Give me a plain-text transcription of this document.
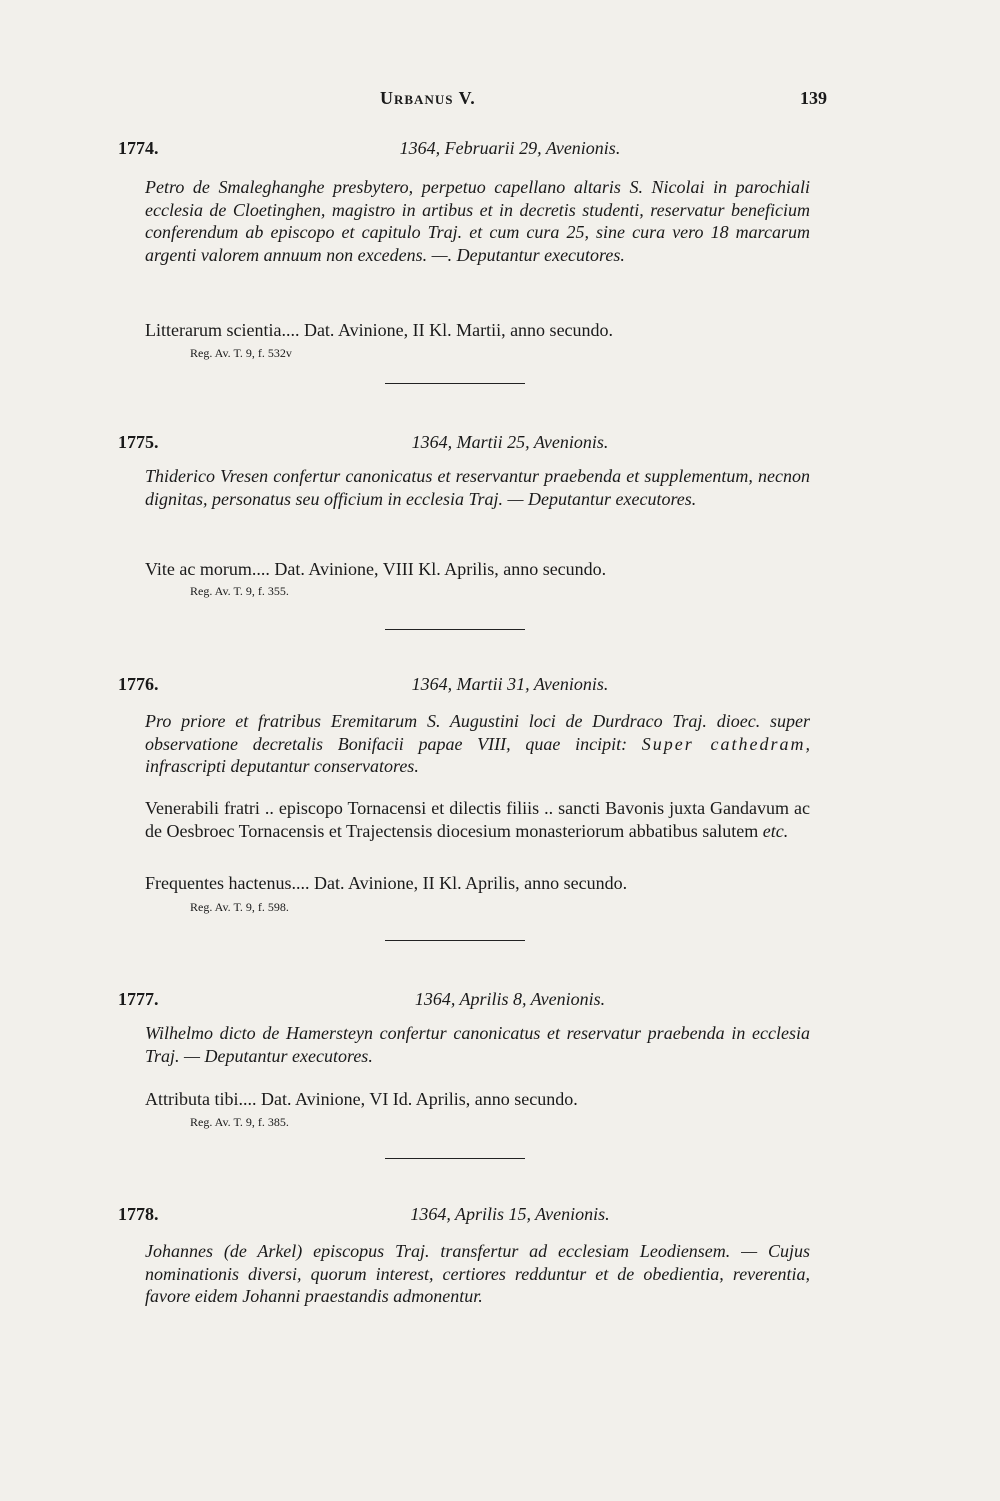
Urbanus V.	139
1774.	1364, Februarii 29, Avenionis.

Petro de Smaleghanghe presbytero, perpetuo capellano altaris S. Nicolai in parochiali ecclesia de Cloetinghen, magistro in artibus et in decretis studenti, reservatur beneficium conferendum ab episcopo et capitulo Traj. et cum cura 25, sine cura vero 18 marcarum argenti valorem annuum non excedens. —. Deputantur executores.

Litterarum scientia.... Dat. Avinione, II Kl. Martii, anno secundo.
Reg. Av. T. 9, f. 532v
1775.	1364, Martii 25, Avenionis.

Thiderico Vresen confertur canonicatus et reservantur praebenda et supplementum, necnon dignitas, personatus seu officium in ecclesia Traj. — Deputantur executores.

Vite ac morum.... Dat. Avinione, VIII Kl. Aprilis, anno secundo.
Reg. Av. T. 9, f. 355.
1776.	1364, Martii 31, Avenionis.

Pro priore et fratribus Eremitarum S. Augustini loci de Durdraco Traj. dioec. super observatione decretalis Bonifacii papae VIII, quae incipit: Super cathedram, infrascripti deputantur conservatores.

Venerabili fratri .. episcopo Tornacensi et dilectis filiis .. sancti Bavonis juxta Gandavum ac de Oesbroec Tornacensis et Trajectensis diocesium monasteriorum abbatibus salutem etc.
Frequentes hactenus.... Dat. Avinione, II Kl. Aprilis, anno secundo.
Reg. Av. T. 9, f. 598.
1777.	1364, Aprilis 8, Avenionis.

Wilhelmo dicto de Hamersteyn confertur canonicatus et reservatur praebenda in ecclesia Traj. — Deputantur executores.

Attributa tibi.... Dat. Avinione, VI Id. Aprilis, anno secundo.
Reg. Av. T. 9, f. 385.
1778.	1364, Aprilis 15, Avenionis.

Johannes (de Arkel) episcopus Traj. transfertur ad ecclesiam Leodiensem. — Cujus nominationis diversi, quorum interest, certiores redduntur et de obedientia, reverentia, favore eidem Johanni praestandis admonentur.
